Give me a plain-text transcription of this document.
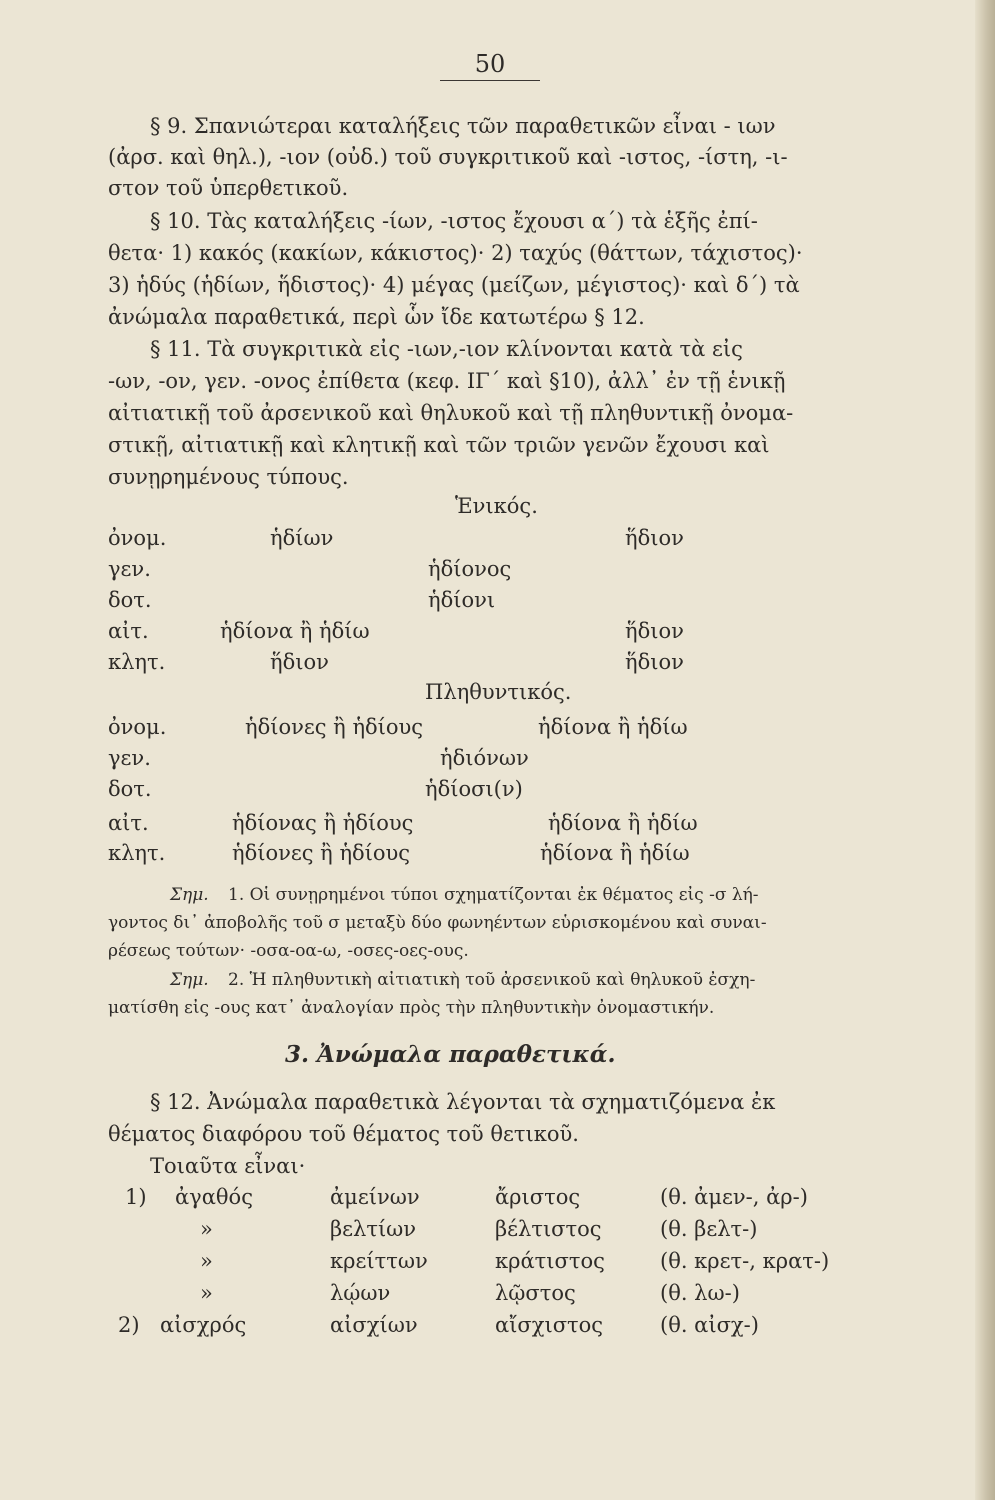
50
§ 9. Σπανιώτεραι καταλήξεις τῶν παραθετικῶν εἶναι - ιων
(ἀρσ. καὶ θηλ.), -ιον (οὐδ.) τοῦ συγκριτικοῦ καὶ -ιστος, -ίστη, -ι-
στον τοῦ ὑπερθετικοῦ.
§ 10. Τὰς καταλήξεις -ίων, -ιστος ἔχουσι α΄) τὰ ἑξῆς ἐπί-
θετα· 1) κακός (κακίων, κάκιστος)· 2) ταχύς (θάττων, τάχιστος)·
3) ἡδύς (ἡδίων, ἥδιστος)· 4) μέγας (μείζων, μέγιστος)· καὶ δ΄) τὰ
ἀνώμαλα παραθετικά, περὶ ὧν ἴδε κατωτέρω § 12.
§ 11. Τὰ συγκριτικὰ εἰς -ιων,-ιον κλίνονται κατὰ τὰ εἰς
-ων, -ον, γεν. -ονος ἐπίθετα (κεφ. ΙΓ΄ καὶ §10), ἀλλ᾽ ἐν τῇ ἑνικῇ
αἰτιατικῇ τοῦ ἀρσενικοῦ καὶ θηλυκοῦ καὶ τῇ πληθυντικῇ ὀνομα-
στικῇ, αἰτιατικῇ καὶ κλητικῇ καὶ τῶν τριῶν γενῶν ἔχουσι καὶ
συνῃρημένους τύπους.
Ἑνικός.
ὀνομ.	ἡδίων	ἥδιον
γεν.	ἡδίονος
δοτ.	ἡδίονι
αἰτ.	ἡδίονα ἢ ἡδίω	ἥδιον
κλητ.	ἥδιον	ἥδιον
Πληθυντικός.
ὀνομ.	ἡδίονες ἢ ἡδίους	ἡδίονα ἢ ἡδίω
γεν.	ἡδιόνων
δοτ.	ἡδίοσι(ν)
αἰτ.	ἡδίονας ἢ ἡδίους	ἡδίονα ἢ ἡδίω
κλητ.	ἡδίονες ἢ ἡδίους	ἡδίονα ἢ ἡδίω
Σημ. 1. Οἱ συνῃρημένοι τύποι σχηματίζονται ἐκ θέματος εἰς -σ λή-
γοντος δι᾽ ἀποβολῆς τοῦ σ μεταξὺ δύο φωνηέντων εὑρισκομένου καὶ συναι-
ρέσεως τούτων· -οσα-οα-ω, -οσες-οες-ους.
Σημ. 2. Ἡ πληθυντικὴ αἰτιατικὴ τοῦ ἀρσενικοῦ καὶ θηλυκοῦ ἐσχη-
ματίσθη εἰς -ους κατ᾽ ἀναλογίαν πρὸς τὴν πληθυντικὴν ὀνομαστικήν.
3. Ἀνώμαλα παραθετικά.
§ 12. Ἀνώμαλα παραθετικὰ λέγονται τὰ σχηματιζόμενα ἐκ
θέματος διαφόρου τοῦ θέματος τοῦ θετικοῦ.
Τοιαῦτα εἶναι·
1) ἀγαθός	ἀμείνων	ἄριστος	(θ. ἀμεν-, ἀρ-)
»	βελτίων	βέλτιστος	(θ. βελτ-)
»	κρείττων	κράτιστος	(θ. κρετ-, κρατ-)
»	λῴων	λῷστος	(θ. λω-)
2) αἰσχρός	αἰσχίων	αἴσχιστος	(θ. αἰσχ-)
